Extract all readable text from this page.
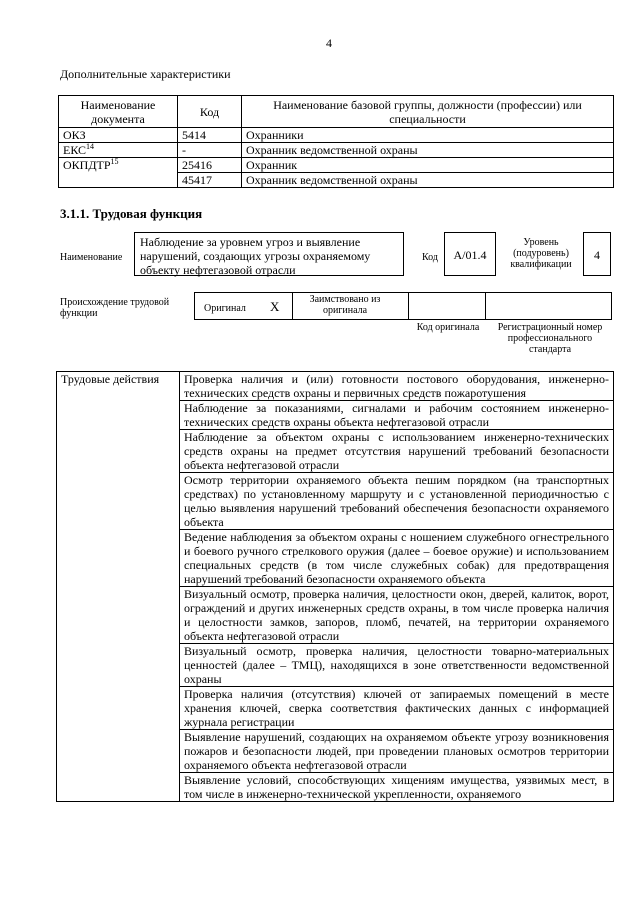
4
Дополнительные характеристики
Наименование документа	Код	Наименование базовой группы, должности (профессии) или специальности
ОКЗ	5414	Охранники
ЕКС$^{14}$	-	Охранник ведомственной охраны
ОКПДТР$^{15}$	25416	Охранник
	45417	Охранник ведомственной охраны
3.1.1. Трудовая функция
Наименование
Наблюдение за уровнем угроз и выявление нарушений, создающих угрозы охраняемому объекту нефтегазовой отрасли
Код	А/01.4
Уровень (подуровень) квалификации
4
Происхождение трудовой функции	Оригинал X	Заимствовано из оригинала
Код оригинала	Регистрационный номер профессионального стандарта
Трудовые действия	Проверка наличия и (или) готовности постового оборудования, инженерно-технических средств охраны и первичных средств пожаротушения
Наблюдение за показаниями, сигналами и рабочим состоянием инженерно-технических средств охраны объекта нефтегазовой отрасли
Наблюдение за объектом охраны с использованием инженерно-технических средств охраны на предмет отсутствия нарушений требований безопасности объекта нефтегазовой отрасли
Осмотр территории охраняемого объекта пешим порядком (на транспортных средствах) по установленному маршруту и с установленной периодичностью с целью выявления нарушений требований обеспечения безопасности охраняемого объекта
Ведение наблюдения за объектом охраны с ношением служебного огнестрельного и боевого ручного стрелкового оружия (далее – боевое оружие) и использованием специальных средств (в том числе служебных собак) для предотвращения нарушений требований безопасности охраняемого объекта
Визуальный осмотр, проверка наличия, целостности окон, дверей, калиток, ворот, ограждений и других инженерных средств охраны, в том числе проверка наличия и целостности замков, запоров, пломб, печатей, на территории охраняемого объекта нефтегазовой отрасли
Визуальный осмотр, проверка наличия, целостности товарно-материальных ценностей (далее – ТМЦ), находящихся в зоне ответственности ведомственной охраны
Проверка наличия (отсутствия) ключей от запираемых помещений в месте хранения ключей, сверка соответствия фактических данных с информацией журнала регистрации
Выявление нарушений, создающих на охраняемом объекте угрозу возникновения пожаров и безопасности людей, при проведении плановых осмотров территории охраняемого объекта нефтегазовой отрасли
Выявление условий, способствующих хищениям имущества, уязвимых мест, в том числе в инженерно-технической укрепленности, охраняемого
